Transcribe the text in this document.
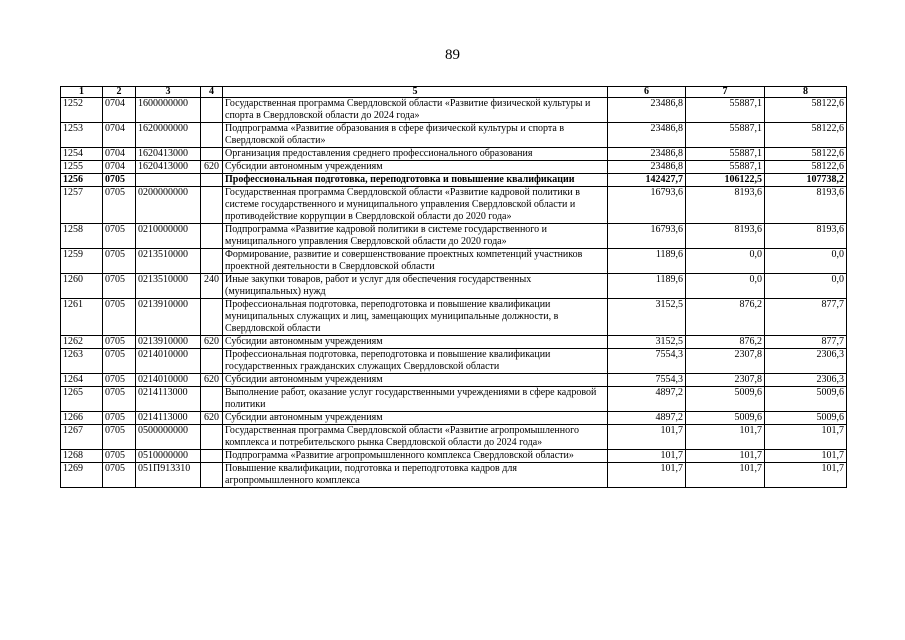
89
1	2	3	4	5	6	7	8
1252	0704	1600000000		Государственная программа Свердловской области «Развитие физической культуры и спорта в Свердловской области до 2024 года»	23486,8	55887,1	58122,6
1253	0704	1620000000		Подпрограмма «Развитие образования в сфере физической культуры и спорта в Свердловской области»	23486,8	55887,1	58122,6
1254	0704	1620413000		Организация предоставления среднего профессионального образования	23486,8	55887,1	58122,6
1255	0704	1620413000	620	Субсидии автономным учреждениям	23486,8	55887,1	58122,6
1256	0705			Профессиональная подготовка, переподготовка и повышение квалификации	142427,7	106122,5	107738,2
1257	0705	0200000000		Государственная программа Свердловской области «Развитие кадровой политики в системе государственного и муниципального управления Свердловской области и противодействие коррупции в Свердловской области до 2020 года»	16793,6	8193,6	8193,6
1258	0705	0210000000		Подпрограмма «Развитие кадровой политики в системе государственного и муниципального управления Свердловской области до 2020 года»	16793,6	8193,6	8193,6
1259	0705	0213510000		Формирование, развитие и совершенствование проектных компетенций участников проектной деятельности в Свердловской области	1189,6	0,0	0,0
1260	0705	0213510000	240	Иные закупки товаров, работ и услуг для обеспечения государственных (муниципальных) нужд	1189,6	0,0	0,0
1261	0705	0213910000		Профессиональная подготовка, переподготовка и повышение квалификации муниципальных служащих и лиц, замещающих муниципальные должности, в Свердловской области	3152,5	876,2	877,7
1262	0705	0213910000	620	Субсидии автономным учреждениям	3152,5	876,2	877,7
1263	0705	0214010000		Профессиональная подготовка, переподготовка и повышение квалификации государственных гражданских служащих Свердловской области	7554,3	2307,8	2306,3
1264	0705	0214010000	620	Субсидии автономным учреждениям	7554,3	2307,8	2306,3
1265	0705	0214113000		Выполнение работ, оказание услуг государственными учреждениями в сфере кадровой политики	4897,2	5009,6	5009,6
1266	0705	0214113000	620	Субсидии автономным учреждениям	4897,2	5009,6	5009,6
1267	0705	0500000000		Государственная программа Свердловской области «Развитие агропромышленного комплекса и потребительского рынка Свердловской области до 2024 года»	101,7	101,7	101,7
1268	0705	0510000000		Подпрограмма «Развитие агропромышленного комплекса Свердловской области»	101,7	101,7	101,7
1269	0705	051П913310		Повышение квалификации, подготовка и переподготовка кадров для агропромышленного комплекса	101,7	101,7	101,7
